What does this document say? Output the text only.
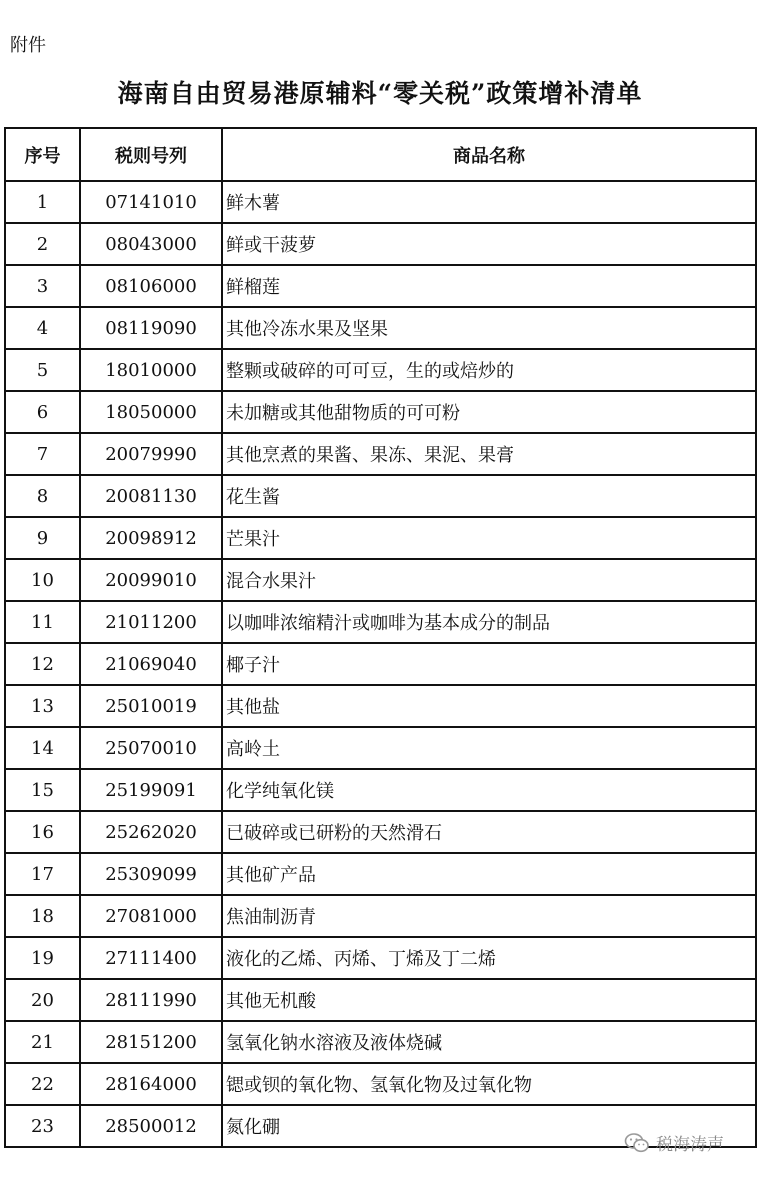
附件
海南自由贸易港原辅料“零关税”政策增补清单
序号	税则号列	商品名称
1	07141010	鲜木薯
2	08043000	鲜或干菠萝
3	08106000	鲜榴莲
4	08119090	其他冷冻水果及坚果
5	18010000	整颗或破碎的可可豆，生的或焙炒的
6	18050000	未加糖或其他甜物质的可可粉
7	20079990	其他烹煮的果酱、果冻、果泥、果膏
8	20081130	花生酱
9	20098912	芒果汁
10	20099010	混合水果汁
11	21011200	以咖啡浓缩精汁或咖啡为基本成分的制品
12	21069040	椰子汁
13	25010019	其他盐
14	25070010	高岭土
15	25199091	化学纯氧化镁
16	25262020	已破碎或已研粉的天然滑石
17	25309099	其他矿产品
18	27081000	焦油制沥青
19	27111400	液化的乙烯、丙烯、丁烯及丁二烯
20	28111990	其他无机酸
21	28151200	氢氧化钠水溶液及液体烧碱
22	28164000	锶或钡的氧化物、氢氧化物及过氧化物
23	28500012	氮化硼
税海涛声
